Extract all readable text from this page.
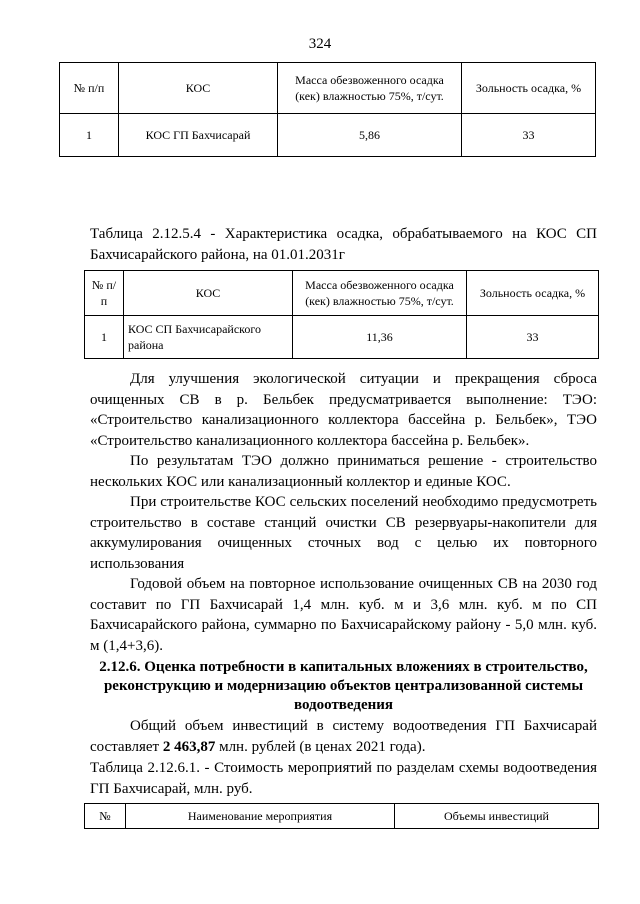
324
№ п/п	КОС	Масса обезвоженного осадка (кек) влажностью 75%, т/сут.	Зольность осадка, %
1	КОС ГП Бахчисарай	5,86	33
Таблица 2.12.5.4 - Характеристика осадка, обрабатываемого на КОС СП Бахчисарайского района, на 01.01.2031г
№ п/п	КОС	Масса обезвоженного осадка (кек) влажностью 75%, т/сут.	Зольность осадка, %
1	КОС СП Бахчисарайского района	11,36	33

Для улучшения экологической ситуации и прекращения сброса очищенных СВ в р. Бельбек предусматривается выполнение: ТЭО: «Строительство канализационного коллектора бассейна р. Бельбек», ТЭО «Строительство канализационного коллектора бассейна р. Бельбек».

По результатам ТЭО должно приниматься решение - строительство нескольких КОС или канализационный коллектор и единые КОС.

При строительстве КОС сельских поселений необходимо предусмотреть строительство в составе станций очистки СВ резервуары-накопители для аккумулирования очищенных сточных вод с целью их повторного использования

Годовой объем на повторное использование очищенных СВ на 2030 год составит по ГП Бахчисарай 1,4 млн. куб. м и 3,6 млн. куб. м по СП Бахчисарайского района, суммарно по Бахчисарайскому району - 5,0 млн. куб. м (1,4+3,6).

2.12.6. Оценка потребности в капитальных вложениях в строительство, реконструкцию и модернизацию объектов централизованной системы водоотведения

Общий объем инвестиций в систему водоотведения ГП Бахчисарай составляет 2 463,87 млн. рублей (в ценах 2021 года).

Таблица 2.12.6.1. - Стоимость мероприятий по разделам схемы водоотведения ГП Бахчисарай, млн. руб.
№	Наименование мероприятия	Объемы инвестиций
